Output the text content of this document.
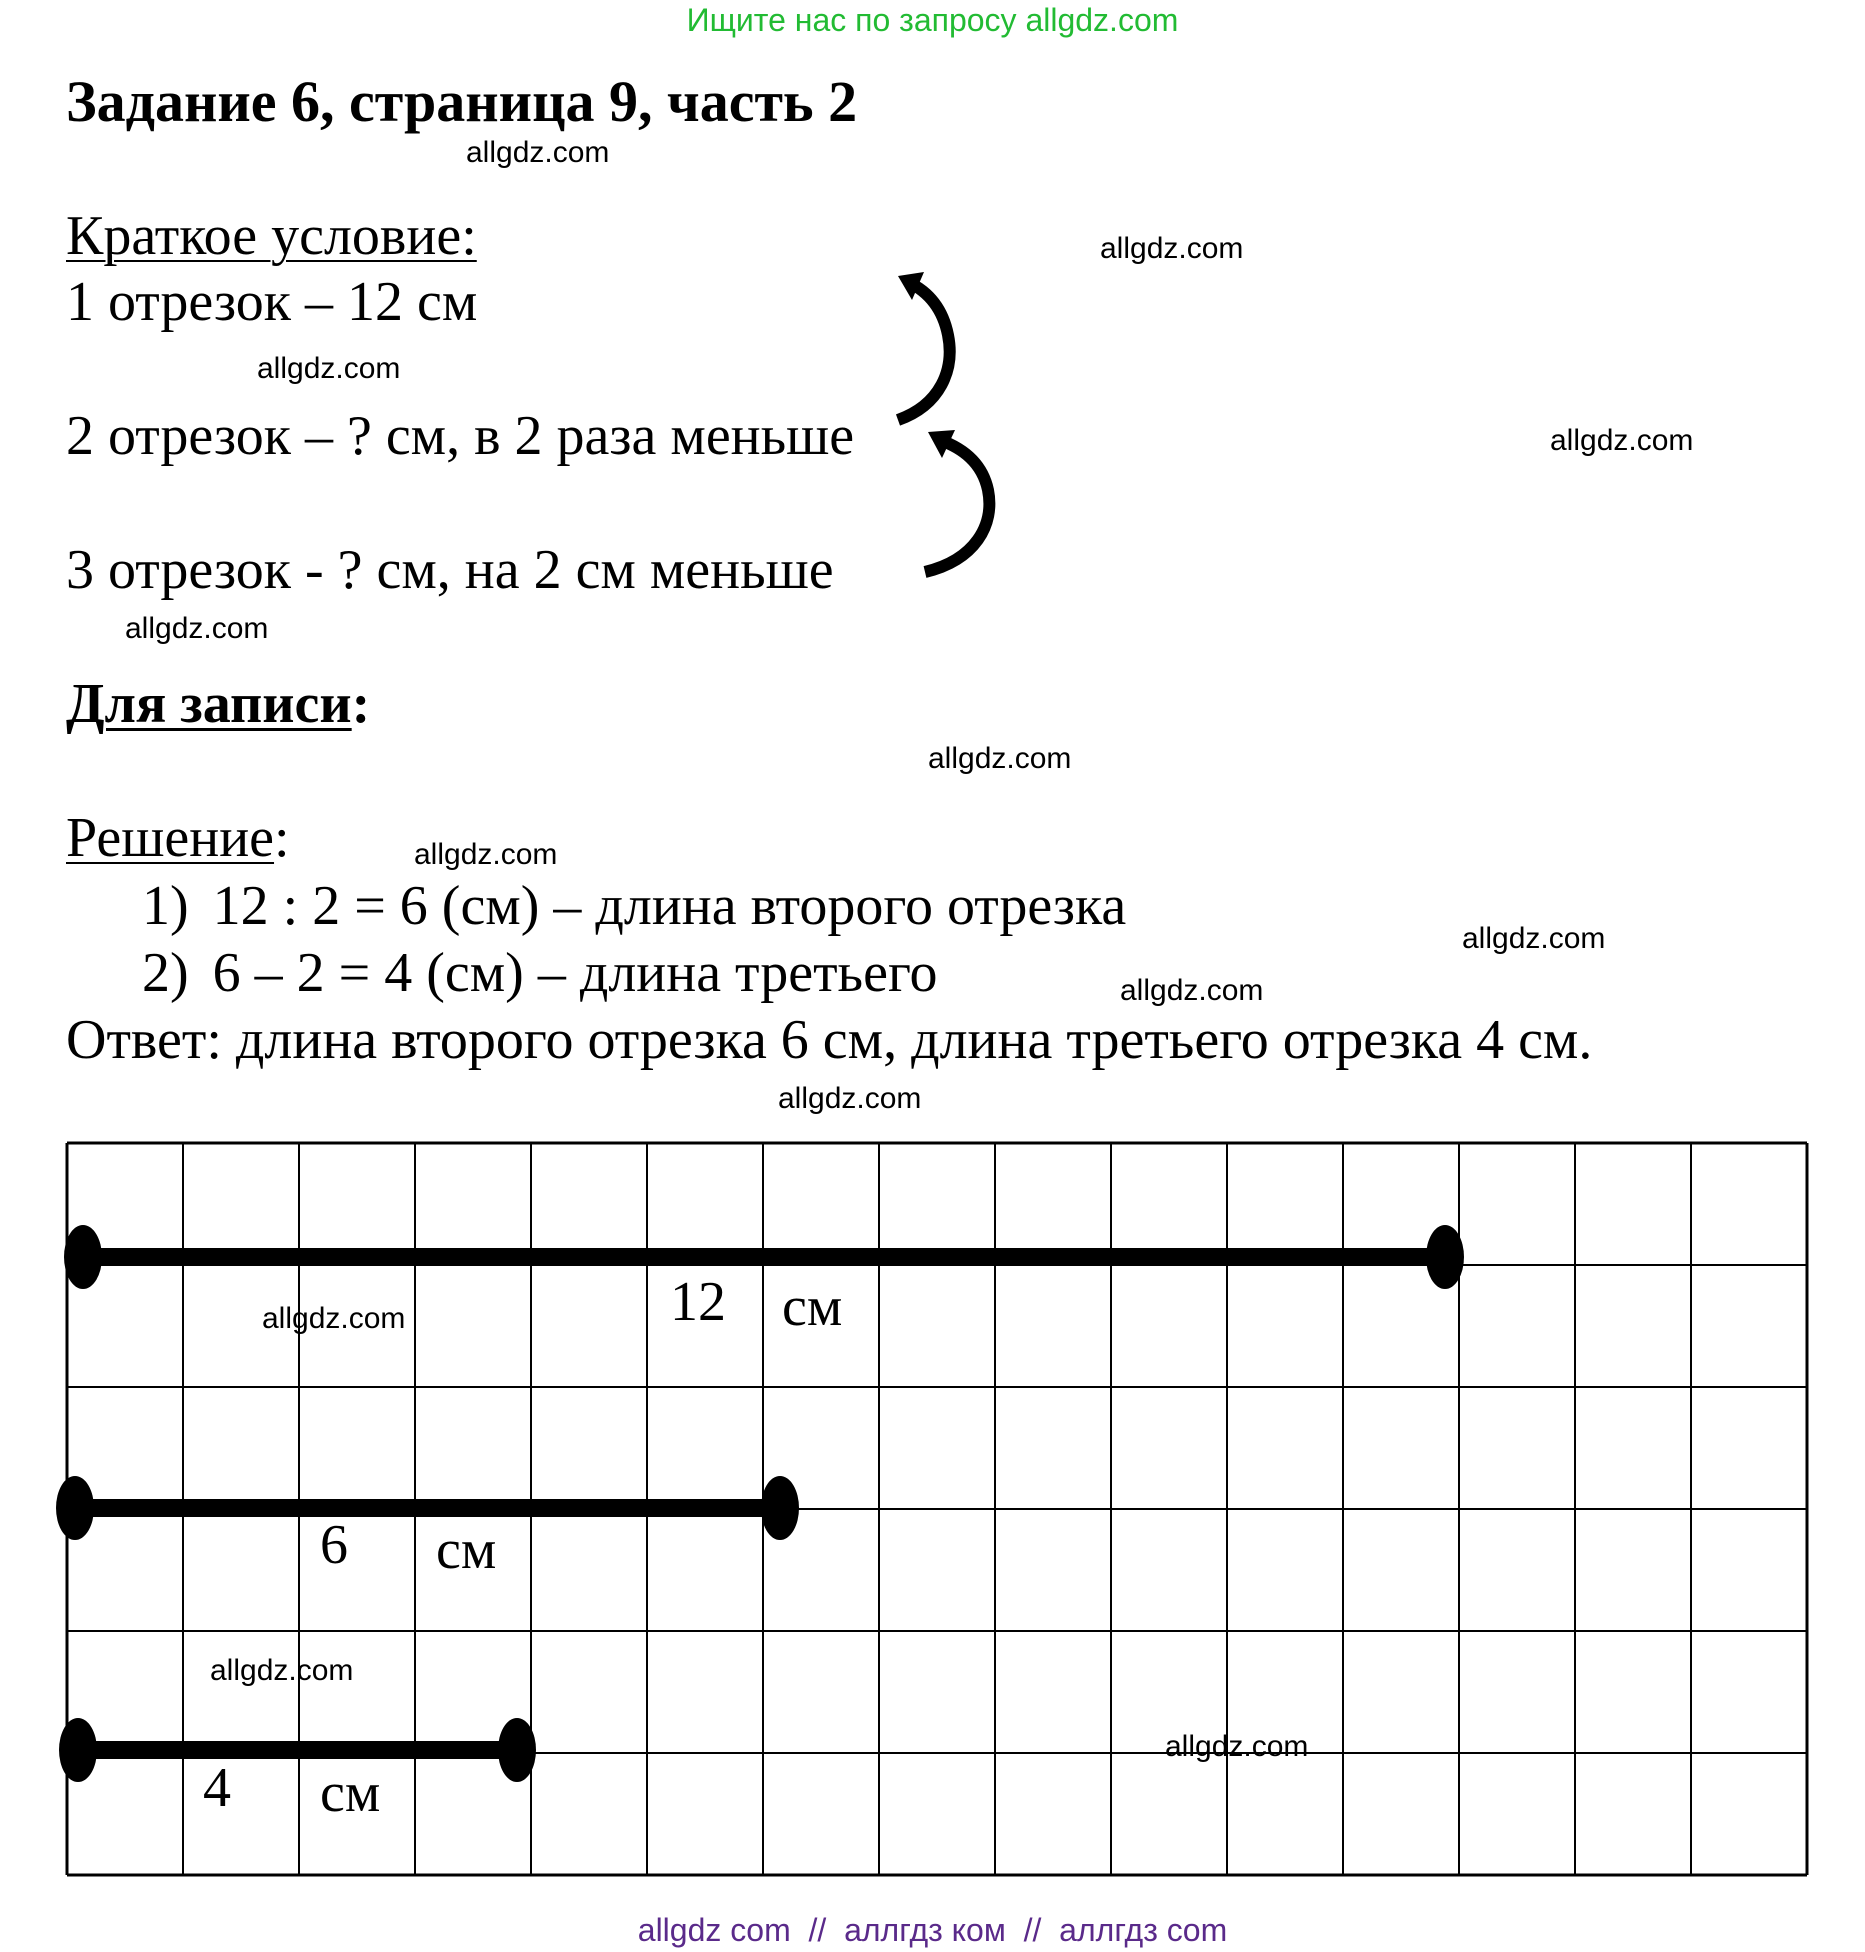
Ищите нас по запросу allgdz.com
Задание 6, страница 9, часть 2
Краткое условие:
1 отрезок – 12 см
2 отрезок – ? см, в 2 раза меньше
3 отрезок - ? см, на 2 см меньше
Для записи:
Решение:
1) 12 : 2 = 6 (см) – длина второго отрезка
2) 6 – 2 = 4 (см) – длина третьего
Ответ: длина второго отрезка 6 см, длина третьего отрезка 4 см.
12 см
6 см
4 см
allgdz.com
allgdz.com
allgdz.com
allgdz.com
allgdz.com
allgdz.com
allgdz.com
allgdz.com
allgdz.com
allgdz.com
allgdz.com
allgdz.com
allgdz.com
allgdz com  //  аллгдз ком  //  аллгдз com
